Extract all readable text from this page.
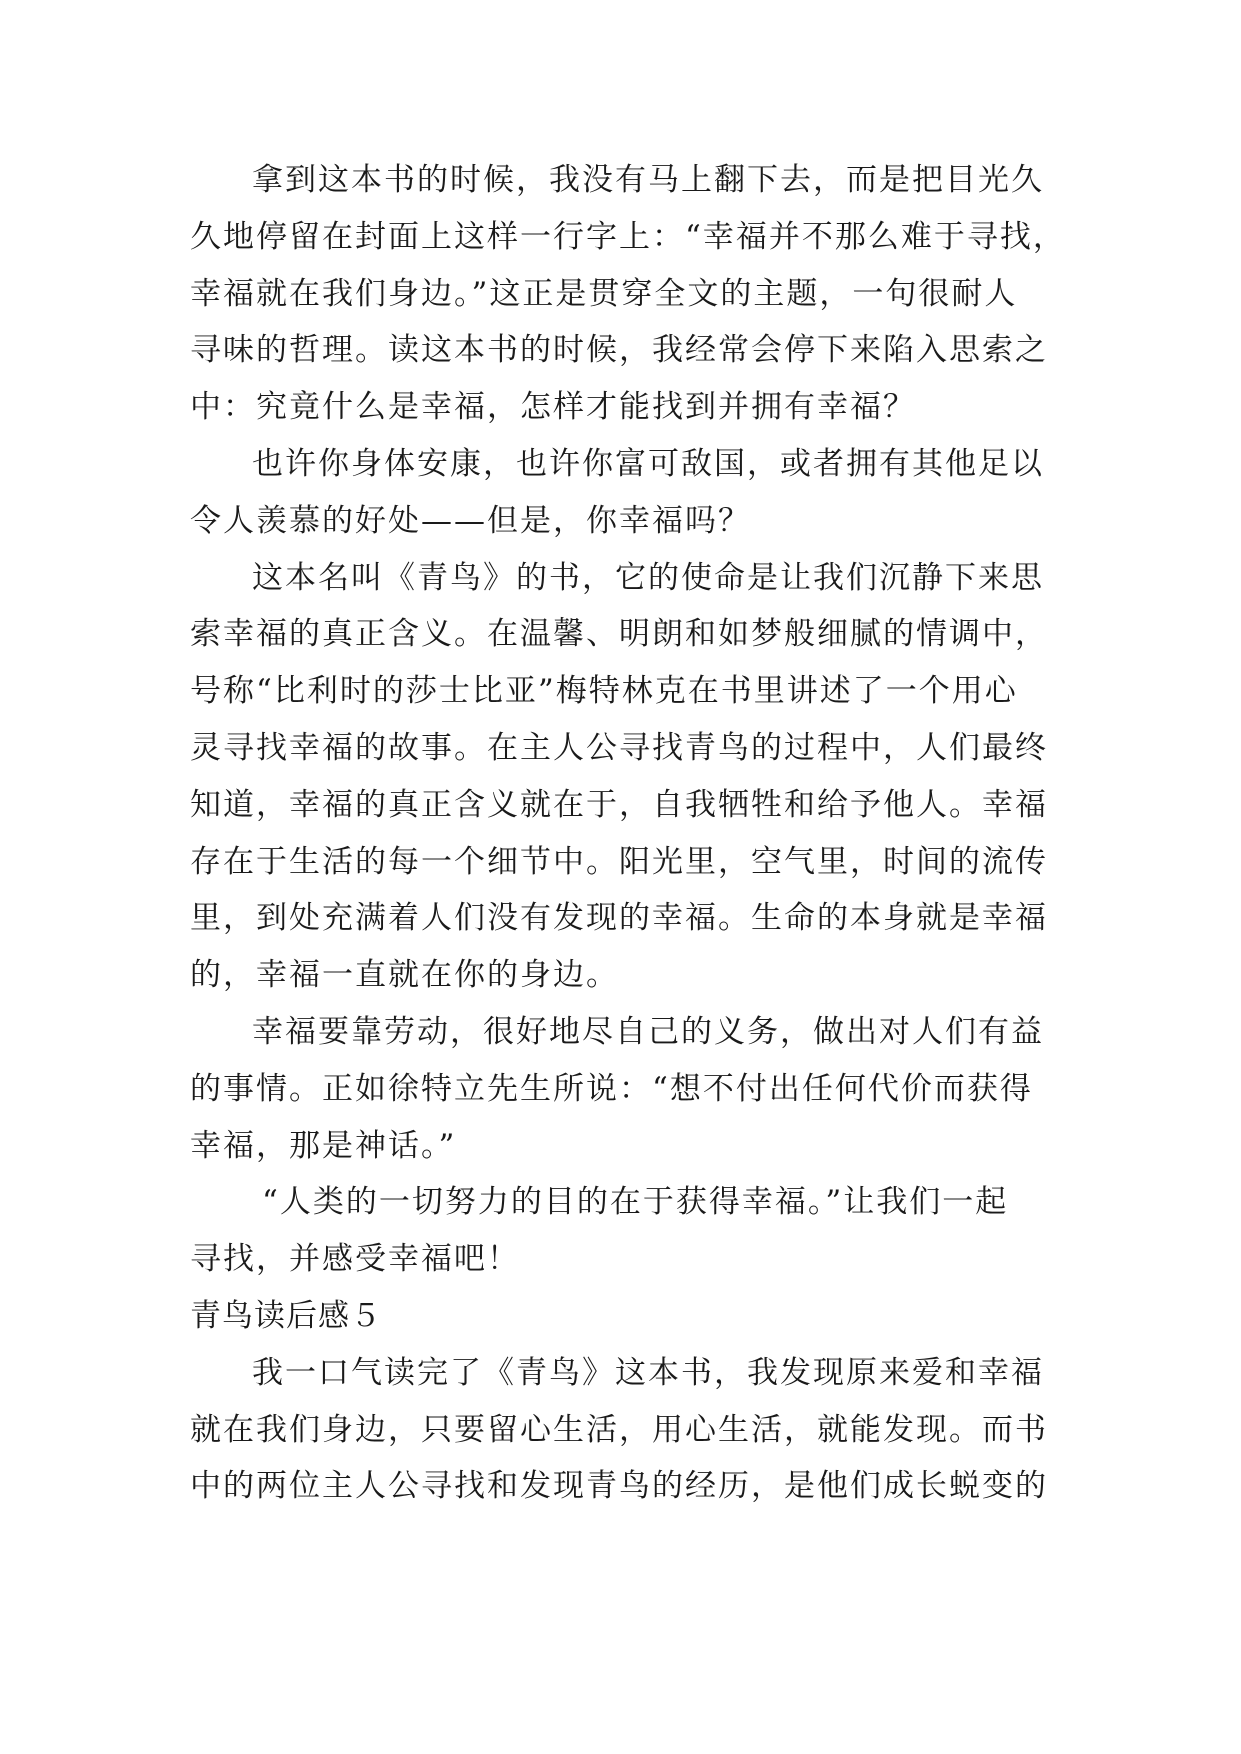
拿到这本书的时候，我没有马上翻下去，而是把目光久
久地停留在封面上这样一行字上：“幸福并不那么难于寻找，
幸福就在我们身边。”这正是贯穿全文的主题，一句很耐人
寻味的哲理。读这本书的时候，我经常会停下来陷入思索之
中：究竟什么是幸福，怎样才能找到并拥有幸福？
也许你身体安康，也许你富可敌国，或者拥有其他足以
令人羡慕的好处——但是，你幸福吗？
这本名叫《青鸟》的书，它的使命是让我们沉静下来思
索幸福的真正含义。在温馨、明朗和如梦般细腻的情调中，
号称“比利时的莎士比亚”梅特林克在书里讲述了一个用心
灵寻找幸福的故事。在主人公寻找青鸟的过程中，人们最终
知道，幸福的真正含义就在于，自我牺牲和给予他人。幸福
存在于生活的每一个细节中。阳光里，空气里，时间的流传
里，到处充满着人们没有发现的幸福。生命的本身就是幸福
的，幸福一直就在你的身边。
幸福要靠劳动，很好地尽自己的义务，做出对人们有益
的事情。正如徐特立先生所说：“想不付出任何代价而获得
幸福，那是神话。”
“人类的一切努力的目的在于获得幸福。”让我们一起
寻找，并感受幸福吧！
青鸟读后感５
我一口气读完了《青鸟》这本书，我发现原来爱和幸福
就在我们身边，只要留心生活，用心生活，就能发现。而书
中的两位主人公寻找和发现青鸟的经历，是他们成长蜕变的
